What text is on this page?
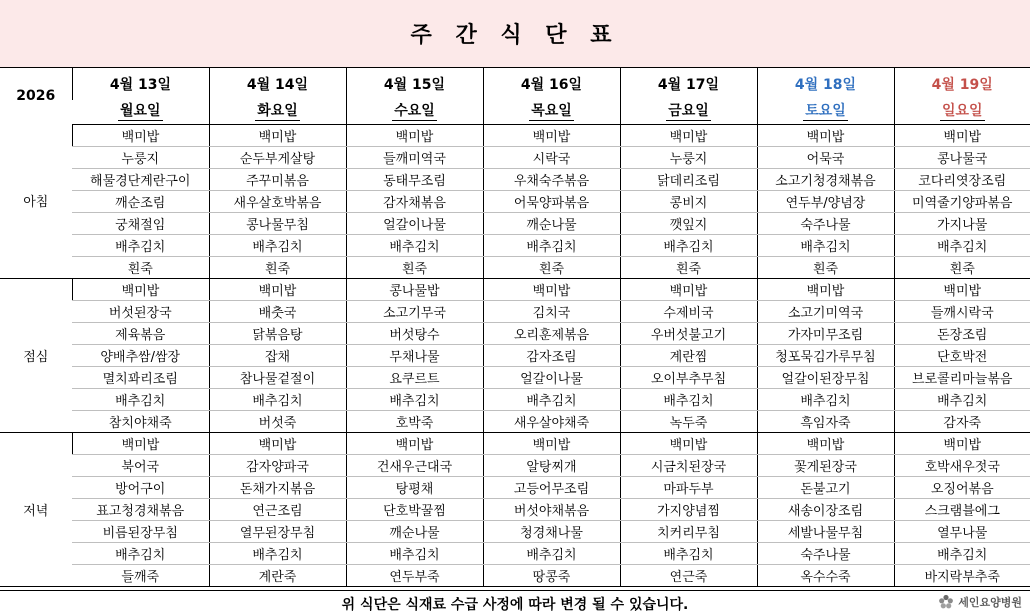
주 간 식 단 표
2026	4월 13일	4월 14일	4월 15일	4월 16일	4월 17일	4월 18일	4월 19일
	월요일	화요일	수요일	목요일	금요일	토요일	일요일
아침	백미밥	백미밥	백미밥	백미밥	백미밥	백미밥	백미밥
	누룽지	순두부게살탕	들깨미역국	시락국	누룽지	어묵국	콩나물국
	해물경단계란구이	주꾸미볶음	동태무조림	우채숙주볶음	닭데리조림	소고기청경채볶음	코다리엿장조림
	깨순조림	새우살호박볶음	감자채볶음	어묵양파볶음	콩비지	연두부/양념장	미역줄기양파볶음
	궁채절임	콩나물무침	얼갈이나물	깨순나물	깻잎지	숙주나물	가지나물
	배추김치	배추김치	배추김치	배추김치	배추김치	배추김치	배추김치
	흰죽	흰죽	흰죽	흰죽	흰죽	흰죽	흰죽
점심	백미밥	백미밥	콩나물밥	백미밥	백미밥	백미밥	백미밥
	버섯된장국	배춧국	소고기무국	김치국	수제비국	소고기미역국	들깨시락국
	제육볶음	닭볶음탕	버섯탕수	오리훈제볶음	우버섯불고기	가자미무조림	돈장조림
	양배추쌈/쌈장	잡채	무채나물	감자조림	계란찜	청포묵김가루무침	단호박전
	멸치꽈리조림	참나물겉절이	요쿠르트	얼갈이나물	오이부추무침	얼갈이된장무침	브로콜리마늘볶음
	배추김치	배추김치	배추김치	배추김치	배추김치	배추김치	배추김치
	참치야채죽	버섯죽	호박죽	새우살야채죽	녹두죽	흑임자죽	감자죽
저녁	백미밥	백미밥	백미밥	백미밥	백미밥	백미밥	백미밥
	북어국	감자양파국	건새우근대국	알탕찌개	시금치된장국	꽃게된장국	호박새우젓국
	방어구이	돈채가지볶음	탕평채	고등어무조림	마파두부	돈불고기	오징어볶음
	표고청경채볶음	연근조림	단호박꿀찜	버섯야채볶음	가지양념찜	새송이장조림	스크램블에그
	비름된장무침	열무된장무침	깨순나물	청경채나물	치커리무침	세발나물무침	열무나물
	배추김치	배추김치	배추김치	배추김치	배추김치	숙주나물	배추김치
	들깨죽	계란죽	연두부죽	땅콩죽	연근죽	옥수수죽	바지락부추죽
위 식단은 식재료 수급 사정에 따라 변경 될 수 있습니다.	세인요양병원
